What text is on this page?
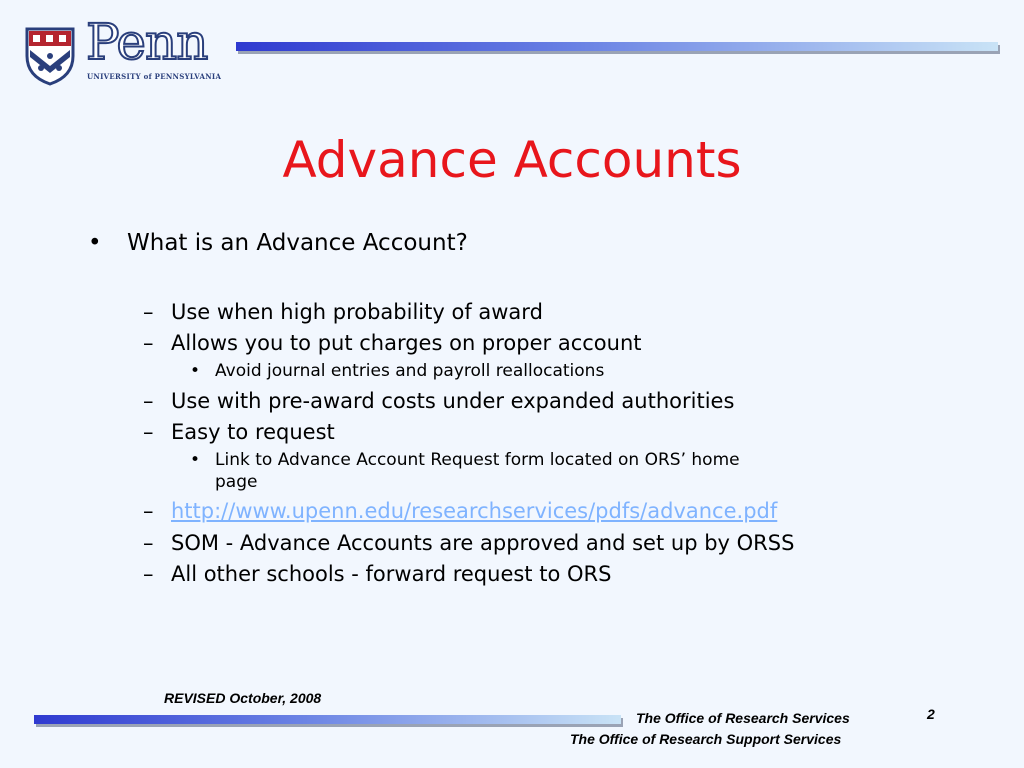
Penn
UNIVERSITY of PENNSYLVANIA
Advance Accounts
• What is an Advance Account?
– Use when high probability of award
– Allows you to put charges on proper account
• Avoid journal entries and payroll reallocations
– Use with pre-award costs under expanded authorities
– Easy to request
• Link to Advance Account Request form located on ORS’ home
page
– http://www.upenn.edu/researchservices/pdfs/advance.pdf
– SOM - Advance Accounts are approved and set up by ORSS
– All other schools - forward request to ORS
REVISED October, 2008
The Office of Research Services
The Office of Research Support Services
2
